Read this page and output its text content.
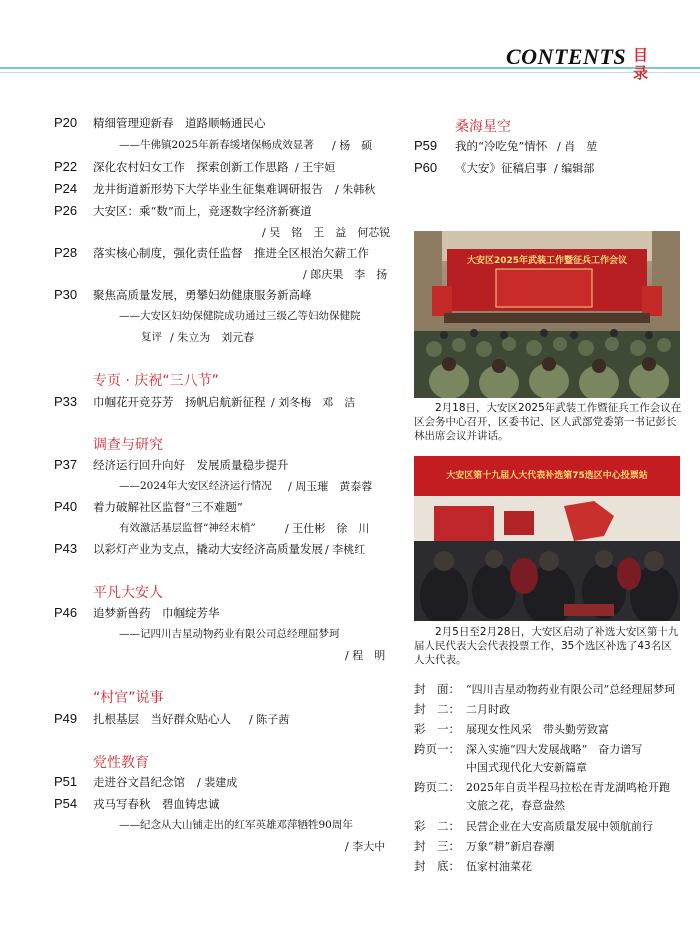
CONTENTS 目录
P20 精细管理迎新春　道路顺畅通民心
——牛佛镇2025年新春缓堵保畅成效显著 / 杨　硕
P22 深化农村妇女工作　探索创新工作思路 / 王宇姮
P24 龙井街道新形势下大学毕业生征集难调研报告 / 朱韩秋
P26 大安区：乘“数”而上，竞逐数字经济新赛道
/ 吴　铭　王　益　何芯锐
P28 落实核心制度，强化责任监督　推进全区根治欠薪工作
/ 郎庆果　李　扬
P30 聚焦高质量发展，勇攀妇幼健康服务新高峰
——大安区妇幼保健院成功通过三级乙等妇幼保健院
复评 / 朱立为　刘元春
专页 · 庆祝“三八节”
P33 巾帼花开竞芬芳　扬帆启航新征程 / 刘冬梅　邓　洁
调查与研究
P37 经济运行回升向好　发展质量稳步提升
——2024年大安区经济运行情况 / 周玉璀　黄泰蓉
P40 着力破解社区监督“三不难题”
有效激活基层监督“神经末梢”	/ 王仕彬　徐　川
P43 以彩灯产业为支点，撬动大安经济高质量发展 / 李桃红
平凡大安人
P46 追梦新兽药　巾帼绽芳华
——记四川吉星动物药业有限公司总经理屈梦珂
/ 程　明
“村官”说事
P49 扎根基层　当好群众贴心人 / 陈子茜
党性教育
P51 走进谷文昌纪念馆 / 裴建成
P54 戎马写春秋　碧血铸忠诚
——纪念从大山铺走出的红军英雄邓萍牺牲90周年
/ 李大中
桑海星空
P59 我的“冷吃兔”情怀 / 肖　堃
P60 《大安》征稿启事 / 编辑部
大安区2025年武装工作暨征兵工作会议
2月18日，大安区2025年武装工作暨征兵工作会议在区会务中心召开，区委书记、区人武部党委第一书记彭长林出席会议并讲话。
大安区第十九届人大代表补选第75选区中心投票站
2月5日至2月28日，大安区启动了补选大安区第十九届人民代表大会代表投票工作，35个选区补选了43名区人大代表。
封　面： “四川吉星动物药业有限公司”总经理屈梦珂
封　二： 二月时政
彩　一： 展现女性风采　带头勤劳致富
跨页一： 深入实施“四大发展战略”　奋力谱写
中国式现代化大安新篇章
跨页二： 2025年自贡半程马拉松在青龙湖鸣枪开跑
文旅之花，春意盎然
彩　二： 民营企业在大安高质量发展中领航前行
封　三： 万象“耕”新启春潮
封　底： 伍家村油菜花
